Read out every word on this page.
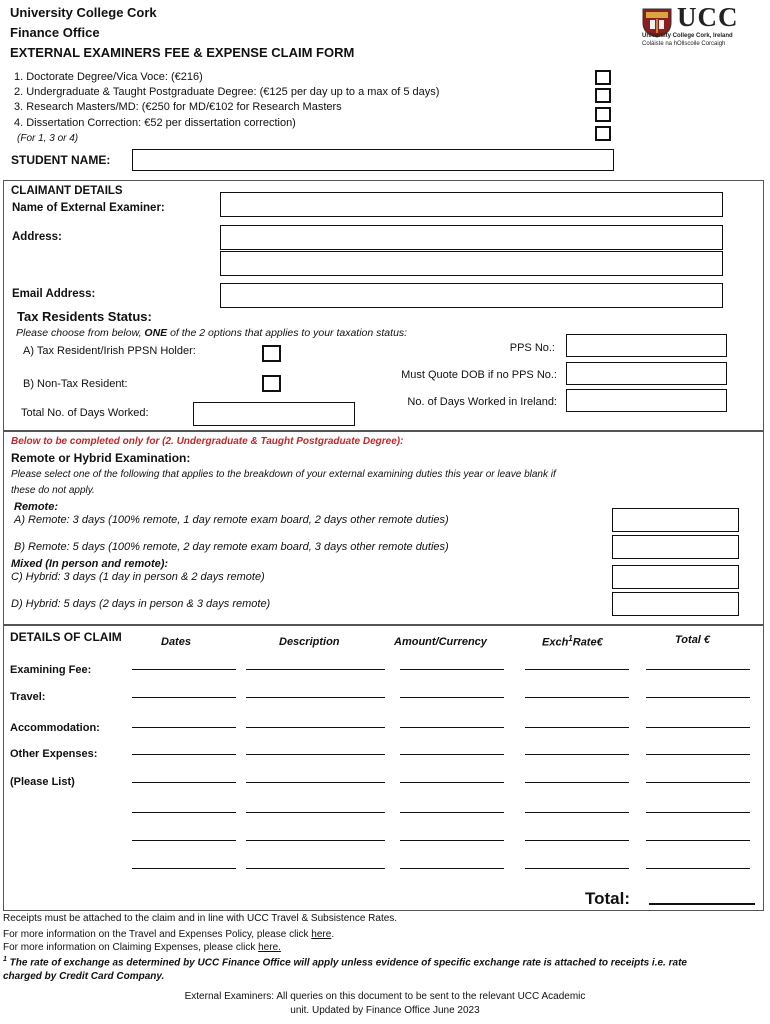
University College Cork
Finance Office
EXTERNAL EXAMINERS FEE & EXPENSE CLAIM FORM
UCC
University College Cork, Ireland
Coláiste na hOllscoile Corcaigh
1. Doctorate Degree/Vica Voce: (€216)
2. Undergraduate & Taught Postgraduate Degree: (€125 per day up to a max of 5 days)
3. Research Masters/MD: (€250 for MD/€102 for Research Masters
4. Dissertation Correction: €52 per dissertation correction)
(For 1, 3 or 4)
STUDENT NAME:
CLAIMANT DETAILS
Name of External Examiner:
Address:
Email Address:
Tax Residents Status:
Please choose from below, ONE of the 2 options that applies to your taxation status:
A) Tax Resident/Irish PPSN Holder:
B) Non-Tax Resident:
Total No. of Days Worked:
PPS No.:
Must Quote DOB if no PPS No.:
No. of Days Worked in Ireland:
Below to be completed only for (2. Undergraduate & Taught Postgraduate Degree):
Remote or Hybrid Examination:
Please select one of the following that applies to the breakdown of your external examining duties this year or leave blank if
these do not apply.
Remote:
A) Remote: 3 days (100% remote, 1 day remote exam board, 2 days other remote duties)
B) Remote: 5 days (100% remote, 2 day remote exam board, 3 days other remote duties)
Mixed (In person and remote):
C) Hybrid: 3 days (1 day in person & 2 days remote)
D) Hybrid: 5 days (2 days in person & 3 days remote)
DETAILS OF CLAIM	Dates	Description	Amount/Currency	Exch$^1$Rate€	Total €
Examining Fee:
Travel:
Accommodation:
Other Expenses:
(Please List)
Total:
Receipts must be attached to the claim and in line with UCC Travel & Subsistence Rates.
For more information on the Travel and Expenses Policy, please click here.
For more information on Claiming Expenses, please click here.
$^1$ The rate of exchange as determined by UCC Finance Office will apply unless evidence of specific exchange rate is attached to receipts i.e. rate
charged by Credit Card Company.
External Examiners: All queries on this document to be sent to the relevant UCC Academic
unit. Updated by Finance Office June 2023
